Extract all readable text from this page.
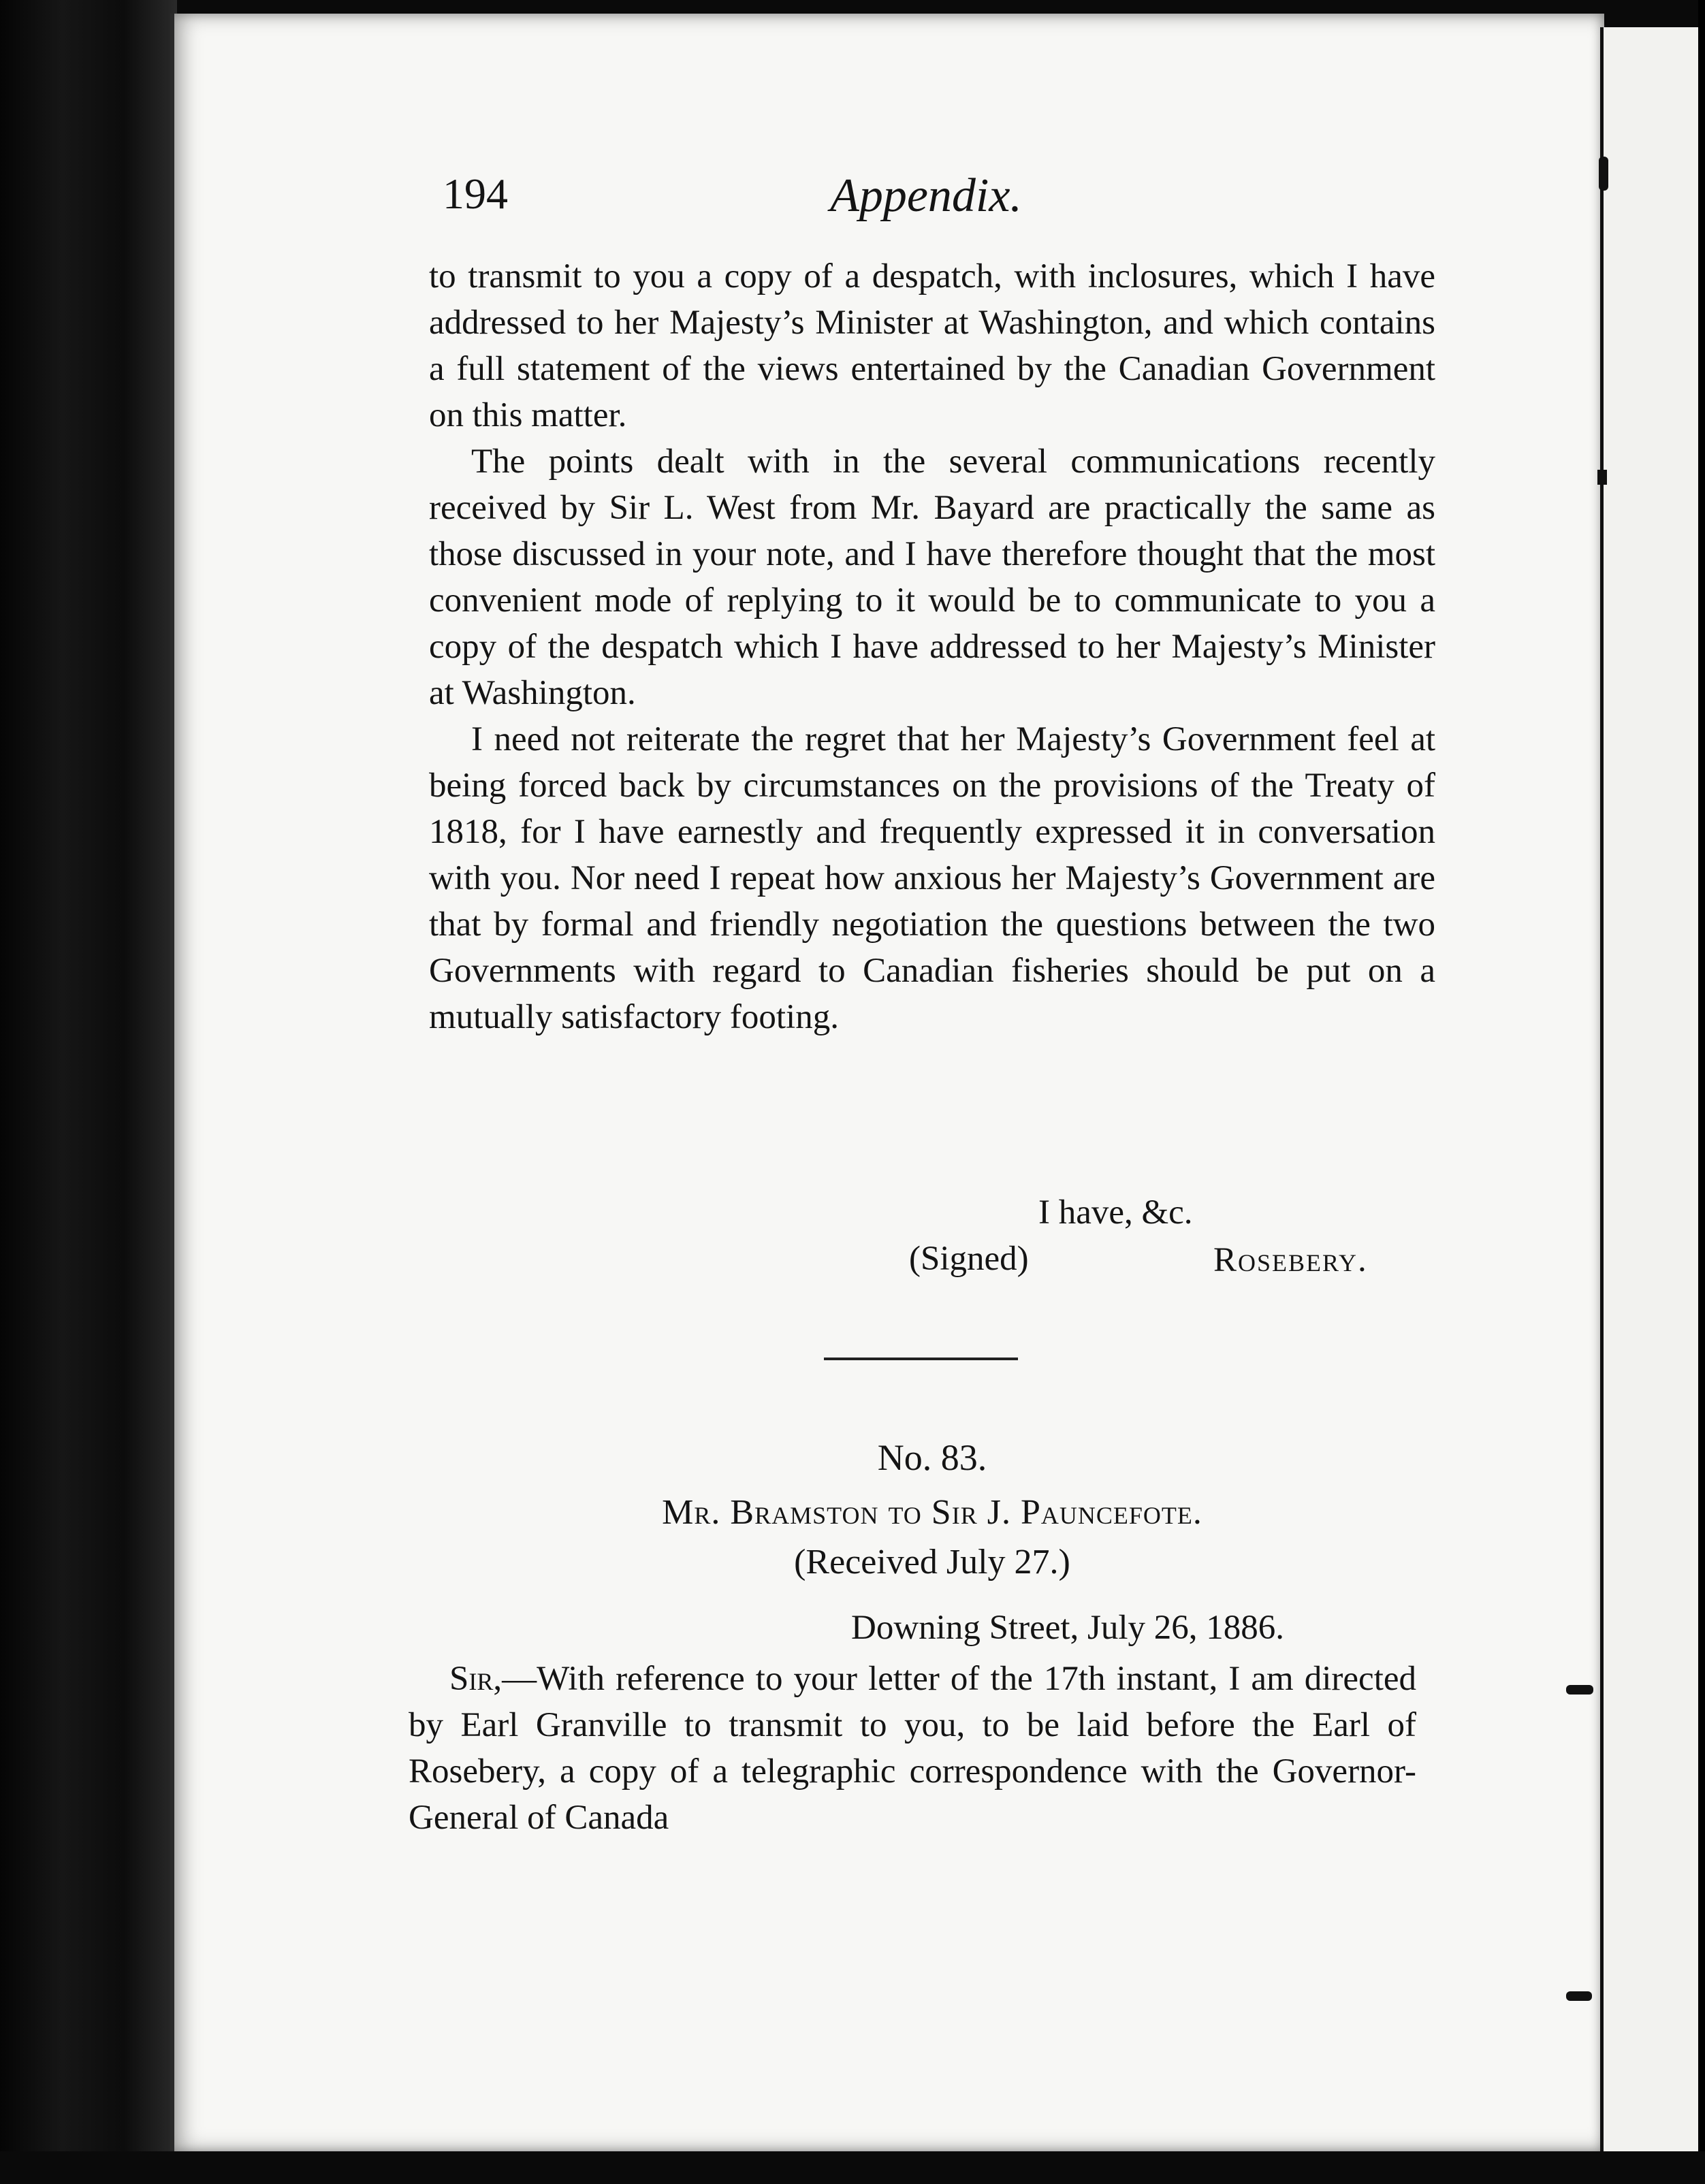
194	Appendix.

to transmit to you a copy of a despatch, with inclosures, which I have addressed to her Majesty’s Minister at Washington, and which contains a full statement of the views entertained by the Canadian Government on this matter.

The points dealt with in the several communications recently received by Sir L. West from Mr. Bayard are practically the same as those discussed in your note, and I have therefore thought that the most convenient mode of replying to it would be to communicate to you a copy of the despatch which I have addressed to her Majesty’s Minister at Washington.

I need not reiterate the regret that her Majesty’s Government feel at being forced back by circumstances on the provisions of the Treaty of 1818, for I have earnestly and frequently expressed it in conversation with you. Nor need I repeat how anxious her Majesty’s Government are that by formal and friendly negotiation the questions between the two Governments with regard to Canadian fisheries should be put on a mutually satisfactory footing.

I have, &c.
(Signed)	Rosebery.
No. 83.
Mr. Bramston to Sir J. Pauncefote.
(Received July 27.)
Downing Street, July 26, 1886.

Sir,—With reference to your letter of the 17th instant, I am directed by Earl Granville to transmit to you, to be laid before the Earl of Rosebery, a copy of a telegraphic correspondence with the Governor-General of Canada
